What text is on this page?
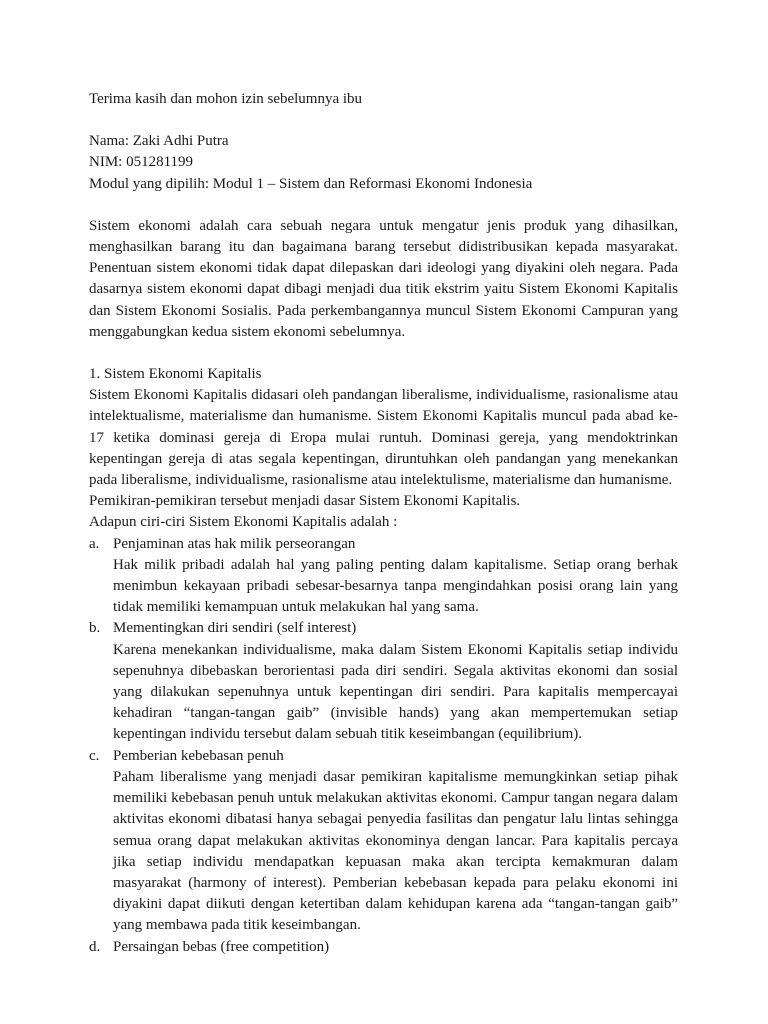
Terima kasih dan mohon izin sebelumnya ibu

Nama: Zaki Adhi Putra

NIM: 051281199

Modul yang dipilih: Modul 1 – Sistem dan Reformasi Ekonomi Indonesia

Sistem ekonomi adalah cara sebuah negara untuk mengatur jenis produk yang dihasilkan, menghasilkan barang itu dan bagaimana barang tersebut didistribusikan kepada masyarakat. Penentuan sistem ekonomi tidak dapat dilepaskan dari ideologi yang diyakini oleh negara. Pada dasarnya sistem ekonomi dapat dibagi menjadi dua titik ekstrim yaitu Sistem Ekonomi Kapitalis dan Sistem Ekonomi Sosialis. Pada perkembangannya muncul Sistem Ekonomi Campuran yang menggabungkan kedua sistem ekonomi sebelumnya.

1. Sistem Ekonomi Kapitalis

Sistem Ekonomi Kapitalis didasari oleh pandangan liberalisme, individualisme, rasionalisme atau intelektualisme, materialisme dan humanisme. Sistem Ekonomi Kapitalis muncul pada abad ke-17 ketika dominasi gereja di Eropa mulai runtuh. Dominasi gereja, yang mendoktrinkan kepentingan gereja di atas segala kepentingan, diruntuhkan oleh pandangan yang menekankan pada liberalisme, individualisme, rasionalisme atau intelektulisme, materialisme dan humanisme.

Pemikiran-pemikiran tersebut menjadi dasar Sistem Ekonomi Kapitalis.

Adapun ciri-ciri Sistem Ekonomi Kapitalis adalah :

a. Penjaminan atas hak milik perseorangan

Hak milik pribadi adalah hal yang paling penting dalam kapitalisme. Setiap orang berhak menimbun kekayaan pribadi sebesar-besarnya tanpa mengindahkan posisi orang lain yang tidak memiliki kemampuan untuk melakukan hal yang sama.

b. Mementingkan diri sendiri (self interest)

Karena menekankan individualisme, maka dalam Sistem Ekonomi Kapitalis setiap individu sepenuhnya dibebaskan berorientasi pada diri sendiri. Segala aktivitas ekonomi dan sosial yang dilakukan sepenuhnya untuk kepentingan diri sendiri. Para kapitalis mempercayai kehadiran “tangan-tangan gaib” (invisible hands) yang akan mempertemukan setiap kepentingan individu tersebut dalam sebuah titik keseimbangan (equilibrium).

c. Pemberian kebebasan penuh

Paham liberalisme yang menjadi dasar pemikiran kapitalisme memungkinkan setiap pihak memiliki kebebasan penuh untuk melakukan aktivitas ekonomi. Campur tangan negara dalam aktivitas ekonomi dibatasi hanya sebagai penyedia fasilitas dan pengatur lalu lintas sehingga semua orang dapat melakukan aktivitas ekonominya dengan lancar. Para kapitalis percaya jika setiap individu mendapatkan kepuasan maka akan tercipta kemakmuran dalam masyarakat (harmony of interest). Pemberian kebebasan kepada para pelaku ekonomi ini diyakini dapat diikuti dengan ketertiban dalam kehidupan karena ada “tangan-tangan gaib” yang membawa pada titik keseimbangan.

d. Persaingan bebas (free competition)
